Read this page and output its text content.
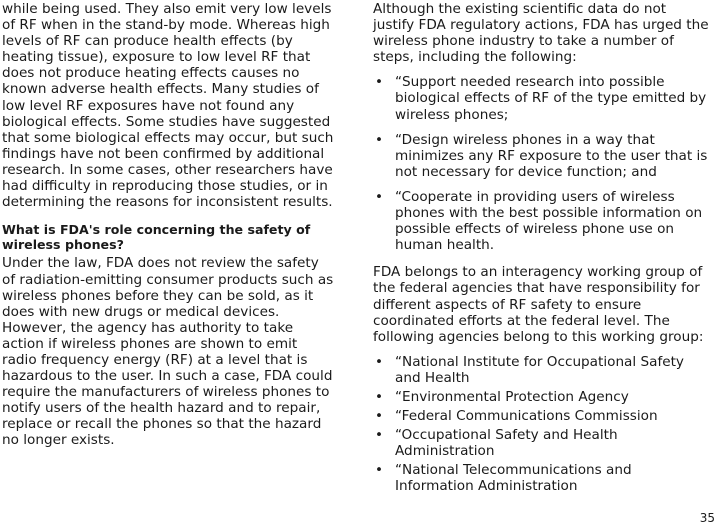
while being used. They also emit very low levels of RF when in the stand-by mode. Whereas high levels of RF can produce health effects (by heating tissue), exposure to low level RF that does not produce heating effects causes no known adverse health effects. Many studies of low level RF exposures have not found any biological effects. Some studies have suggested that some biological effects may occur, but such findings have not been confirmed by additional research. In some cases, other researchers have had difficulty in reproducing those studies, or in determining the reasons for inconsistent results.

What is FDA's role concerning the safety of wireless phones?

Under the law, FDA does not review the safety of radiation-emitting consumer products such as wireless phones before they can be sold, as it does with new drugs or medical devices. However, the agency has authority to take action if wireless phones are shown to emit radio frequency energy (RF) at a level that is hazardous to the user. In such a case, FDA could require the manufacturers of wireless phones to notify users of the health hazard and to repair, replace or recall the phones so that the hazard no longer exists.

Although the existing scientific data do not justify FDA regulatory actions, FDA has urged the wireless phone industry to take a number of steps, including the following:

• “Support needed research into possible biological effects of RF of the type emitted by wireless phones;
• “Design wireless phones in a way that minimizes any RF exposure to the user that is not necessary for device function; and
• “Cooperate in providing users of wireless phones with the best possible information on possible effects of wireless phone use on human health.

FDA belongs to an interagency working group of the federal agencies that have responsibility for different aspects of RF safety to ensure coordinated efforts at the federal level. The following agencies belong to this working group:

• “National Institute for Occupational Safety and Health
• “Environmental Protection Agency
• “Federal Communications Commission
• “Occupational Safety and Health Administration
• “National Telecommunications and Information Administration
35
